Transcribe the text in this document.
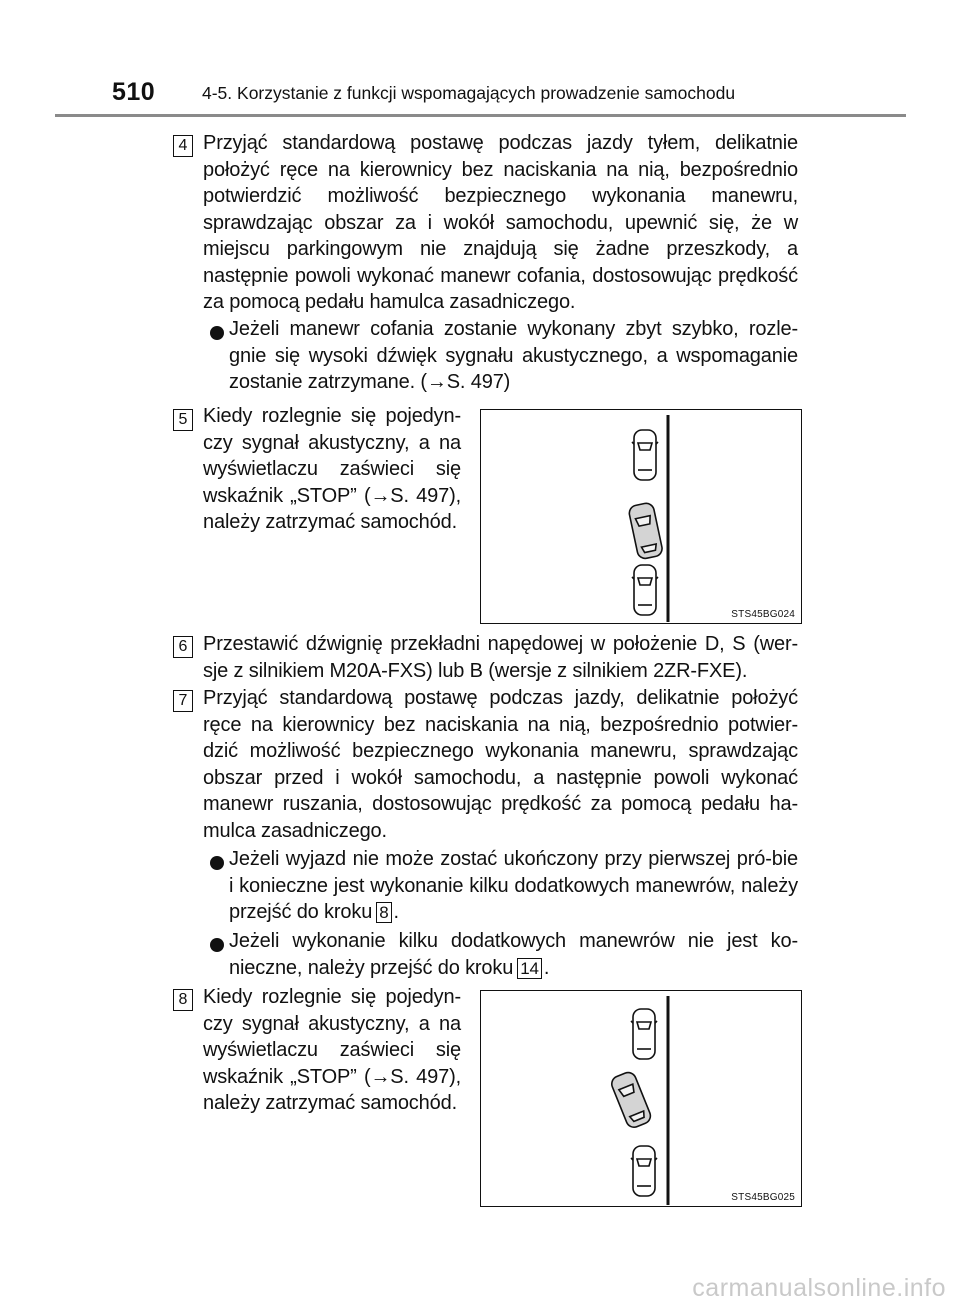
510	4-5. Korzystanie z funkcji wspomagających prowadzenie samochodu
4 Przyjąć standardową postawę podczas jazdy tyłem, delikatnie położyć ręce na kierownicy bez naciskania na nią, bezpośrednio potwierdzić możliwość bezpiecznego wykonania manewru, sprawdzając obszar za i wokół samochodu, upewnić się, że w miejscu parkingowym nie znajdują się żadne przeszkody, a następnie powoli wykonać manewr cofania, dostosowując prędkość za pomocą pedału hamulca zasadniczego.
Jeżeli manewr cofania zostanie wykonany zbyt szybko, rozle-gnie się wysoki dźwięk sygnału akustycznego, a wspomaganie zostanie zatrzymane. (→S. 497)
5 Kiedy rozlegnie się pojedyn-czy sygnał akustyczny, a na wyświetlaczu zaświeci się wskaźnik „STOP” (→S. 497), należy zatrzymać samochód.
STS45BG024
6 Przestawić dźwignię przekładni napędowej w położenie D, S (wer-sje z silnikiem M20A-FXS) lub B (wersje z silnikiem 2ZR-FXE).
7 Przyjąć standardową postawę podczas jazdy, delikatnie położyć ręce na kierownicy bez naciskania na nią, bezpośrednio potwier-dzić możliwość bezpiecznego wykonania manewru, sprawdzając obszar przed i wokół samochodu, a następnie powoli wykonać manewr ruszania, dostosowując prędkość za pomocą pedału ha-mulca zasadniczego.
Jeżeli wyjazd nie może zostać ukończony przy pierwszej pró-bie i konieczne jest wykonanie kilku dodatkowych manewrów, należy przejść do kroku 8 .
Jeżeli wykonanie kilku dodatkowych manewrów nie jest ko-nieczne, należy przejść do kroku 14 .
8 Kiedy rozlegnie się pojedyn-czy sygnał akustyczny, a na wyświetlaczu zaświeci się wskaźnik „STOP” (→S. 497), należy zatrzymać samochód.
STS45BG025
carmanualsonline.info
